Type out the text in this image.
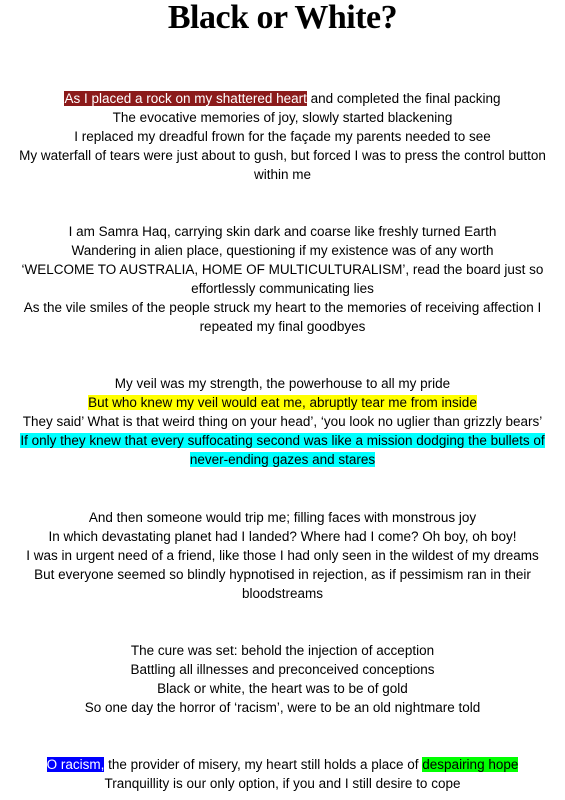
Black or White?
As I placed a rock on my shattered heart and completed the final packing
The evocative memories of joy, slowly started blackening
I replaced my dreadful frown for the façade my parents needed to see
My waterfall of tears were just about to gush, but forced I was to press the control button
within me
I am Samra Haq, carrying skin dark and coarse like freshly turned Earth
Wandering in alien place, questioning if my existence was of any worth
‘WELCOME TO AUSTRALIA, HOME OF MULTICULTURALISM’, read the board just so
effortlessly communicating lies
As the vile smiles of the people struck my heart to the memories of receiving affection I
repeated my final goodbyes
My veil was my strength, the powerhouse to all my pride
But who knew my veil would eat me, abruptly tear me from inside
They said’ What is that weird thing on your head’, ‘you look no uglier than grizzly bears’
If only they knew that every suffocating second was like a mission dodging the bullets of
never-ending gazes and stares
And then someone would trip me; filling faces with monstrous joy
In which devastating planet had I landed? Where had I come? Oh boy, oh boy!
I was in urgent need of a friend, like those I had only seen in the wildest of my dreams
But everyone seemed so blindly hypnotised in rejection, as if pessimism ran in their
bloodstreams
The cure was set: behold the injection of acception
Battling all illnesses and preconceived conceptions
Black or white, the heart was to be of gold
So one day the horror of ‘racism’, were to be an old nightmare told
O racism, the provider of misery, my heart still holds a place of despairing hope
Tranquillity is our only option, if you and I still desire to cope
